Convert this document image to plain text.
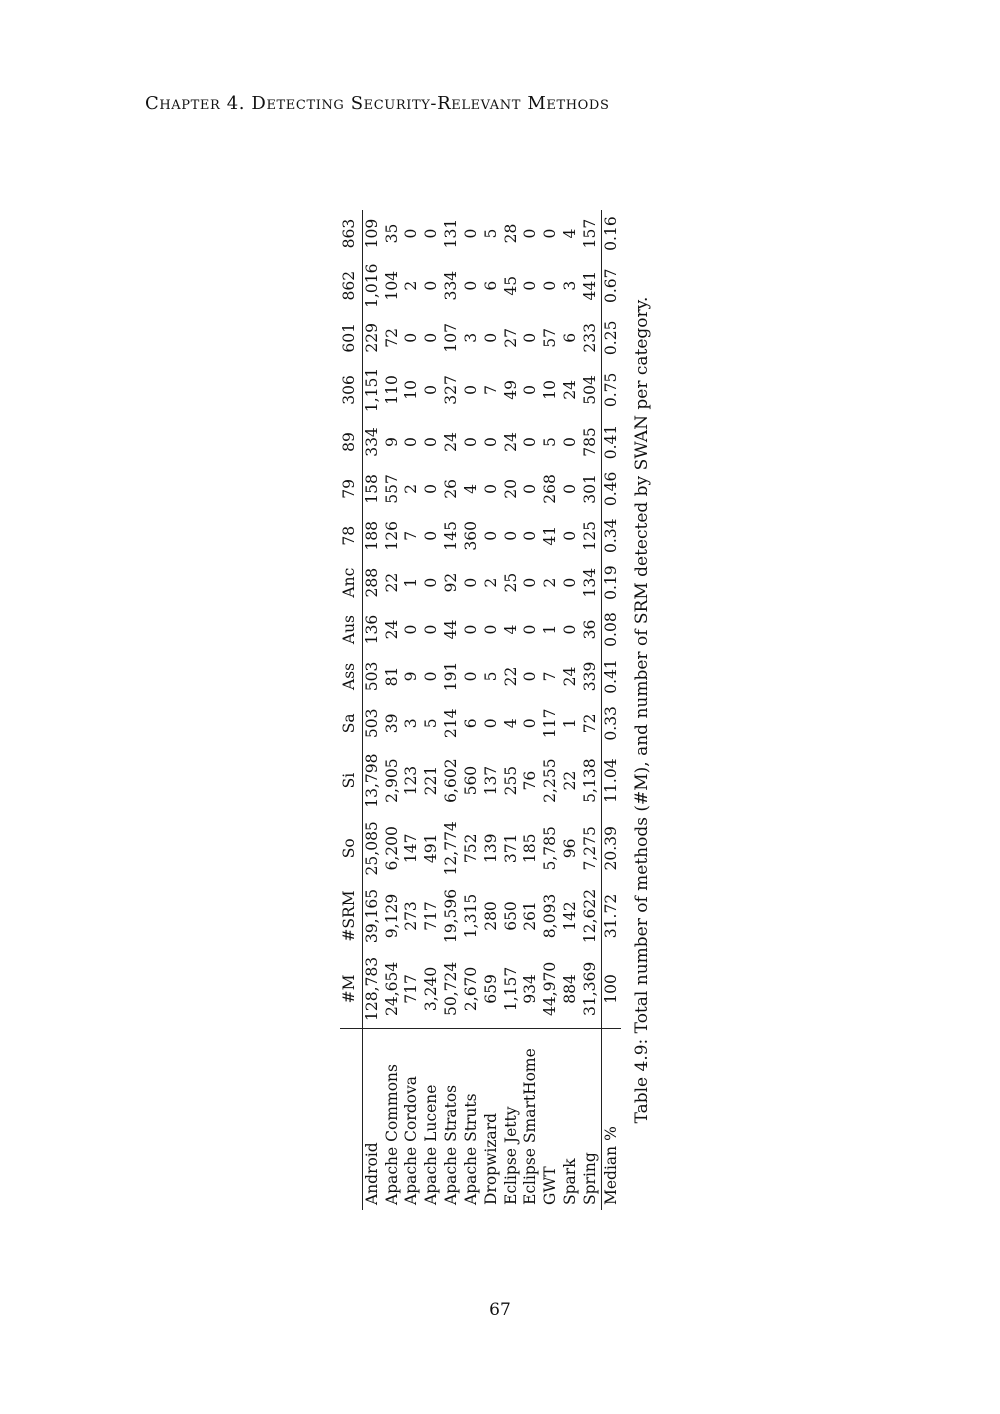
Chapter 4. Detecting Security-Relevant Methods
	#M	#SRM	So	Si	Sa	Ass	Aus	Anc	78	79	89	306	601	862	863
Android	128,783	39,165	25,085	13,798	503	503	136	288	188	158	334	1,151	229	1,016	109
Apache Commons	24,654	9,129	6,200	2,905	39	81	24	22	126	557	9	110	72	104	35
Apache Cordova	717	273	147	123	3	9	0	1	7	2	0	10	0	2	0
Apache Lucene	3,240	717	491	221	5	0	0	0	0	0	0	0	0	0	0
Apache Stratos	50,724	19,596	12,774	6,602	214	191	44	92	145	26	24	327	107	334	131
Apache Struts	2,670	1,315	752	560	6	0	0	0	360	4	0	0	3	0	0
Dropwizard	659	280	139	137	0	5	0	2	0	0	0	7	0	6	5
Eclipse Jetty	1,157	650	371	255	4	22	4	25	0	20	24	49	27	45	28
Eclipse SmartHome	934	261	185	76	0	0	0	0	0	0	0	0	0	0	0
GWT	44,970	8,093	5,785	2,255	117	7	1	2	41	268	5	10	57	0	0
Spark	884	142	96	22	1	24	0	0	0	0	0	24	6	3	4
Spring	31,369	12,622	7,275	5,138	72	339	36	134	125	301	785	504	233	441	157
Median %	100	31.72	20.39	11.04	0.33	0.41	0.08	0.19	0.34	0.46	0.41	0.75	0.25	0.67	0.16
Table 4.9: Total number of methods (#M), and number of SRM detected by SWAN per category.
67
